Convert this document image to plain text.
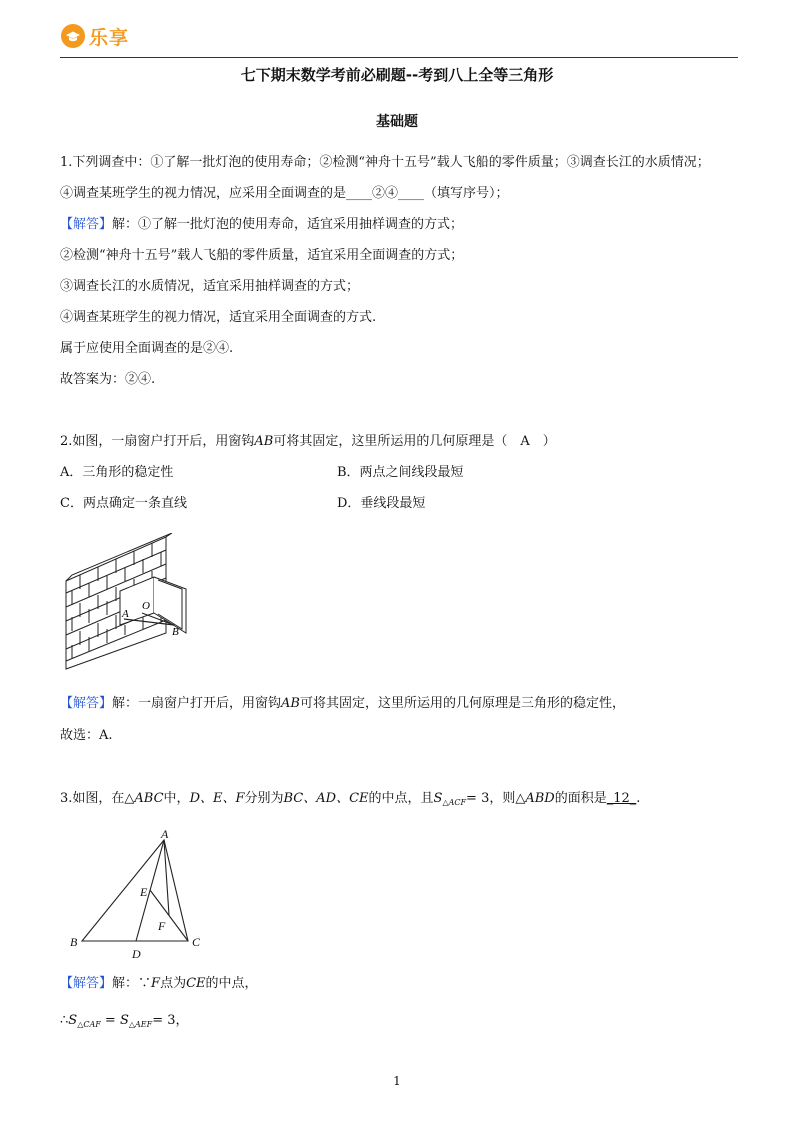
乐享
七下期末数学考前必刷题--考到八上全等三角形
基础题
1.下列调查中：①了解一批灯泡的使用寿命；②检测“神舟十五号”载人飞船的零件质量；③调查长江的水质情况；
④调查某班学生的视力情况，应采用全面调查的是____②④____（填写序号）；
【解答】解：①了解一批灯泡的使用寿命，适宜采用抽样调查的方式；
②检测“神舟十五号”载人飞船的零件质量，适宜采用全面调查的方式；
③调查长江的水质情况，适宜采用抽样调查的方式；
④调查某班学生的视力情况，适宜采用全面调查的方式.
属于应使用全面调查的是②④.
故答案为：②④.
2.如图，一扇窗户打开后，用窗钩AB可将其固定，这里所运用的几何原理是（　A　）
A．三角形的稳定性	B．两点之间线段最短
C．两点确定一条直线	D．垂线段最短
A
O
B
【解答】解：一扇窗户打开后，用窗钩AB可将其固定，这里所运用的几何原理是三角形的稳定性，
故选：A.
3.如图，在△ABC中，D、E、F分别为BC、AD、CE的中点，且$S_{\triangle ACF}= 3$，则△ABD的面积是_12_.
A
B	C
D
E
F
【解答】解：∵F点为CE的中点，
$\therefore S_{\triangle CAF} = S_{\triangle AEF}= 3$，
1
